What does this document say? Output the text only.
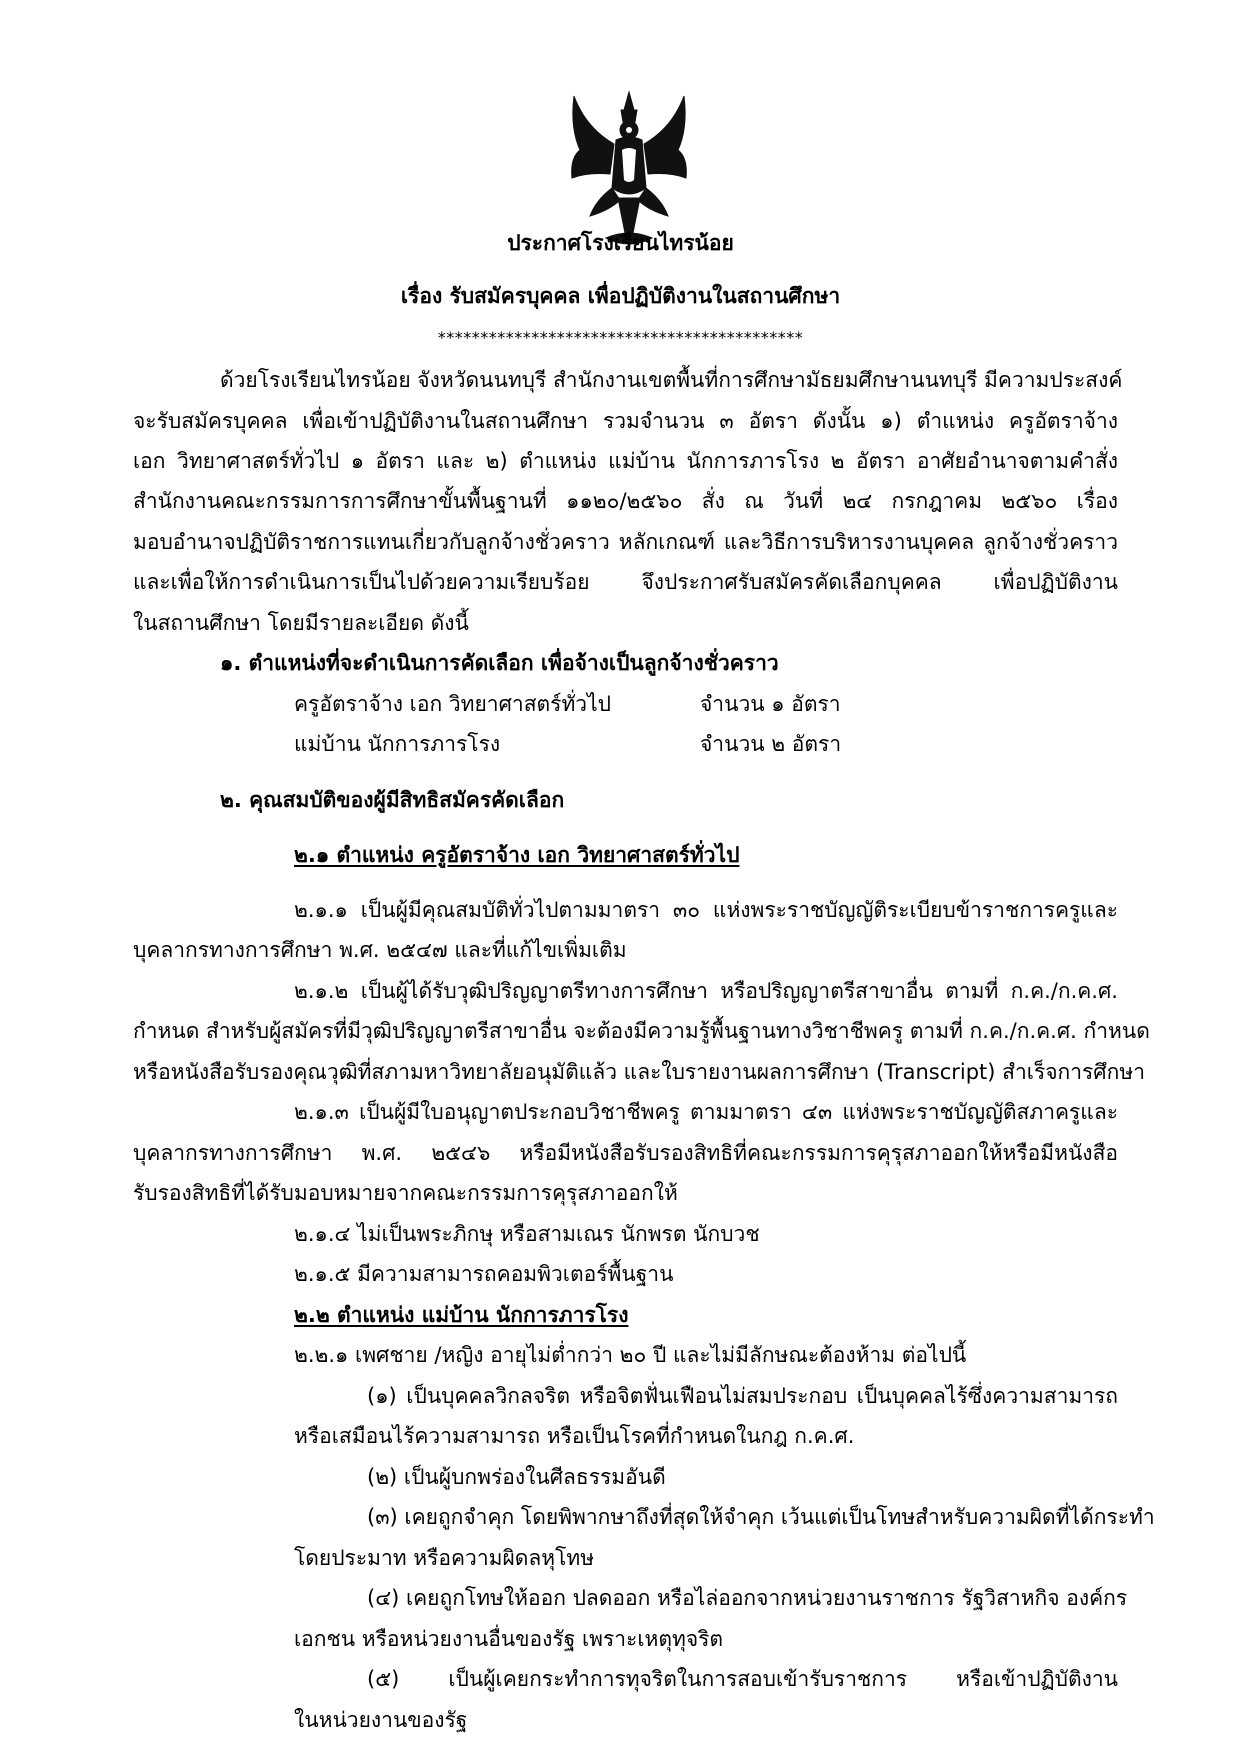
ประกาศโรงเรียนไทรน้อย
เรื่อง รับสมัครบุคคล เพื่อปฏิบัติงานในสถานศึกษา
*******************************************
ด้วยโรงเรียนไทรน้อย จังหวัดนนทบุรี สำนักงานเขตพื้นที่การศึกษามัธยมศึกษานนทบุรี มีความประสงค์
จะรับสมัครบุคคล เพื่อเข้าปฏิบัติงานในสถานศึกษา รวมจำนวน ๓ อัตรา ดังนั้น ๑) ตำแหน่ง ครูอัตราจ้าง
เอก วิทยาศาสตร์ทั่วไป ๑ อัตรา และ ๒) ตำแหน่ง แม่บ้าน นักการภารโรง ๒ อัตรา อาศัยอำนาจตามคำสั่ง
สำนักงานคณะกรรมการการศึกษาขั้นพื้นฐานที่ ๑๑๒๐/๒๕๖๐ สั่ง ณ วันที่ ๒๔ กรกฎาคม ๒๕๖๐ เรื่อง
มอบอำนาจปฏิบัติราชการแทนเกี่ยวกับลูกจ้างชั่วคราว หลักเกณฑ์ และวิธีการบริหารงานบุคคล ลูกจ้างชั่วคราว
และเพื่อให้การดำเนินการเป็นไปด้วยความเรียบร้อย จึงประกาศรับสมัครคัดเลือกบุคคล เพื่อปฏิบัติงาน
ในสถานศึกษา โดยมีรายละเอียด ดังนี้
๑. ตำแหน่งที่จะดำเนินการคัดเลือก เพื่อจ้างเป็นลูกจ้างชั่วคราว
ครูอัตราจ้าง เอก วิทยาศาสตร์ทั่วไป	จำนวน ๑ อัตรา
แม่บ้าน นักการภารโรง	จำนวน ๒ อัตรา
๒. คุณสมบัติของผู้มีสิทธิสมัครคัดเลือก
๒.๑ ตำแหน่ง ครูอัตราจ้าง เอก วิทยาศาสตร์ทั่วไป
๒.๑.๑ เป็นผู้มีคุณสมบัติทั่วไปตามมาตรา ๓๐ แห่งพระราชบัญญัติระเบียบข้าราชการครูและ
บุคลากรทางการศึกษา พ.ศ. ๒๕๔๗ และที่แก้ไขเพิ่มเติม
๒.๑.๒ เป็นผู้ได้รับวุฒิปริญญาตรีทางการศึกษา หรือปริญญาตรีสาขาอื่น ตามที่ ก.ค./ก.ค.ศ.
กำหนด สำหรับผู้สมัครที่มีวุฒิปริญญาตรีสาขาอื่น จะต้องมีความรู้พื้นฐานทางวิชาชีพครู ตามที่ ก.ค./ก.ค.ศ. กำหนด
หรือหนังสือรับรองคุณวุฒิที่สภามหาวิทยาลัยอนุมัติแล้ว และใบรายงานผลการศึกษา (Transcript) สำเร็จการศึกษา
๒.๑.๓ เป็นผู้มีใบอนุญาตประกอบวิชาชีพครู ตามมาตรา ๔๓ แห่งพระราชบัญญัติสภาครูและ
บุคลากรทางการศึกษา พ.ศ. ๒๕๔๖ หรือมีหนังสือรับรองสิทธิที่คณะกรรมการคุรุสภาออกให้หรือมีหนังสือ
รับรองสิทธิที่ได้รับมอบหมายจากคณะกรรมการคุรุสภาออกให้
๒.๑.๔ ไม่เป็นพระภิกษุ หรือสามเณร นักพรต นักบวช
๒.๑.๕ มีความสามารถคอมพิวเตอร์พื้นฐาน
๒.๒ ตำแหน่ง แม่บ้าน นักการภารโรง
๒.๒.๑ เพศชาย /หญิง อายุไม่ต่ำกว่า ๒๐ ปี และไม่มีลักษณะต้องห้าม ต่อไปนี้
(๑) เป็นบุคคลวิกลจริต หรือจิตฟั่นเฟือนไม่สมประกอบ เป็นบุคคลไร้ซึ่งความสามารถ
หรือเสมือนไร้ความสามารถ หรือเป็นโรคที่กำหนดในกฎ ก.ค.ศ.
(๒) เป็นผู้บกพร่องในศีลธรรมอันดี
(๓) เคยถูกจำคุก โดยพิพากษาถึงที่สุดให้จำคุก เว้นแต่เป็นโทษสำหรับความผิดที่ได้กระทำ
โดยประมาท หรือความผิดลหุโทษ
(๔) เคยถูกโทษให้ออก ปลดออก หรือไล่ออกจากหน่วยงานราชการ รัฐวิสาหกิจ องค์กร
เอกชน หรือหน่วยงานอื่นของรัฐ เพราะเหตุทุจริต
(๕) เป็นผู้เคยกระทำการทุจริตในการสอบเข้ารับราชการ หรือเข้าปฏิบัติงาน
ในหน่วยงานของรัฐ
